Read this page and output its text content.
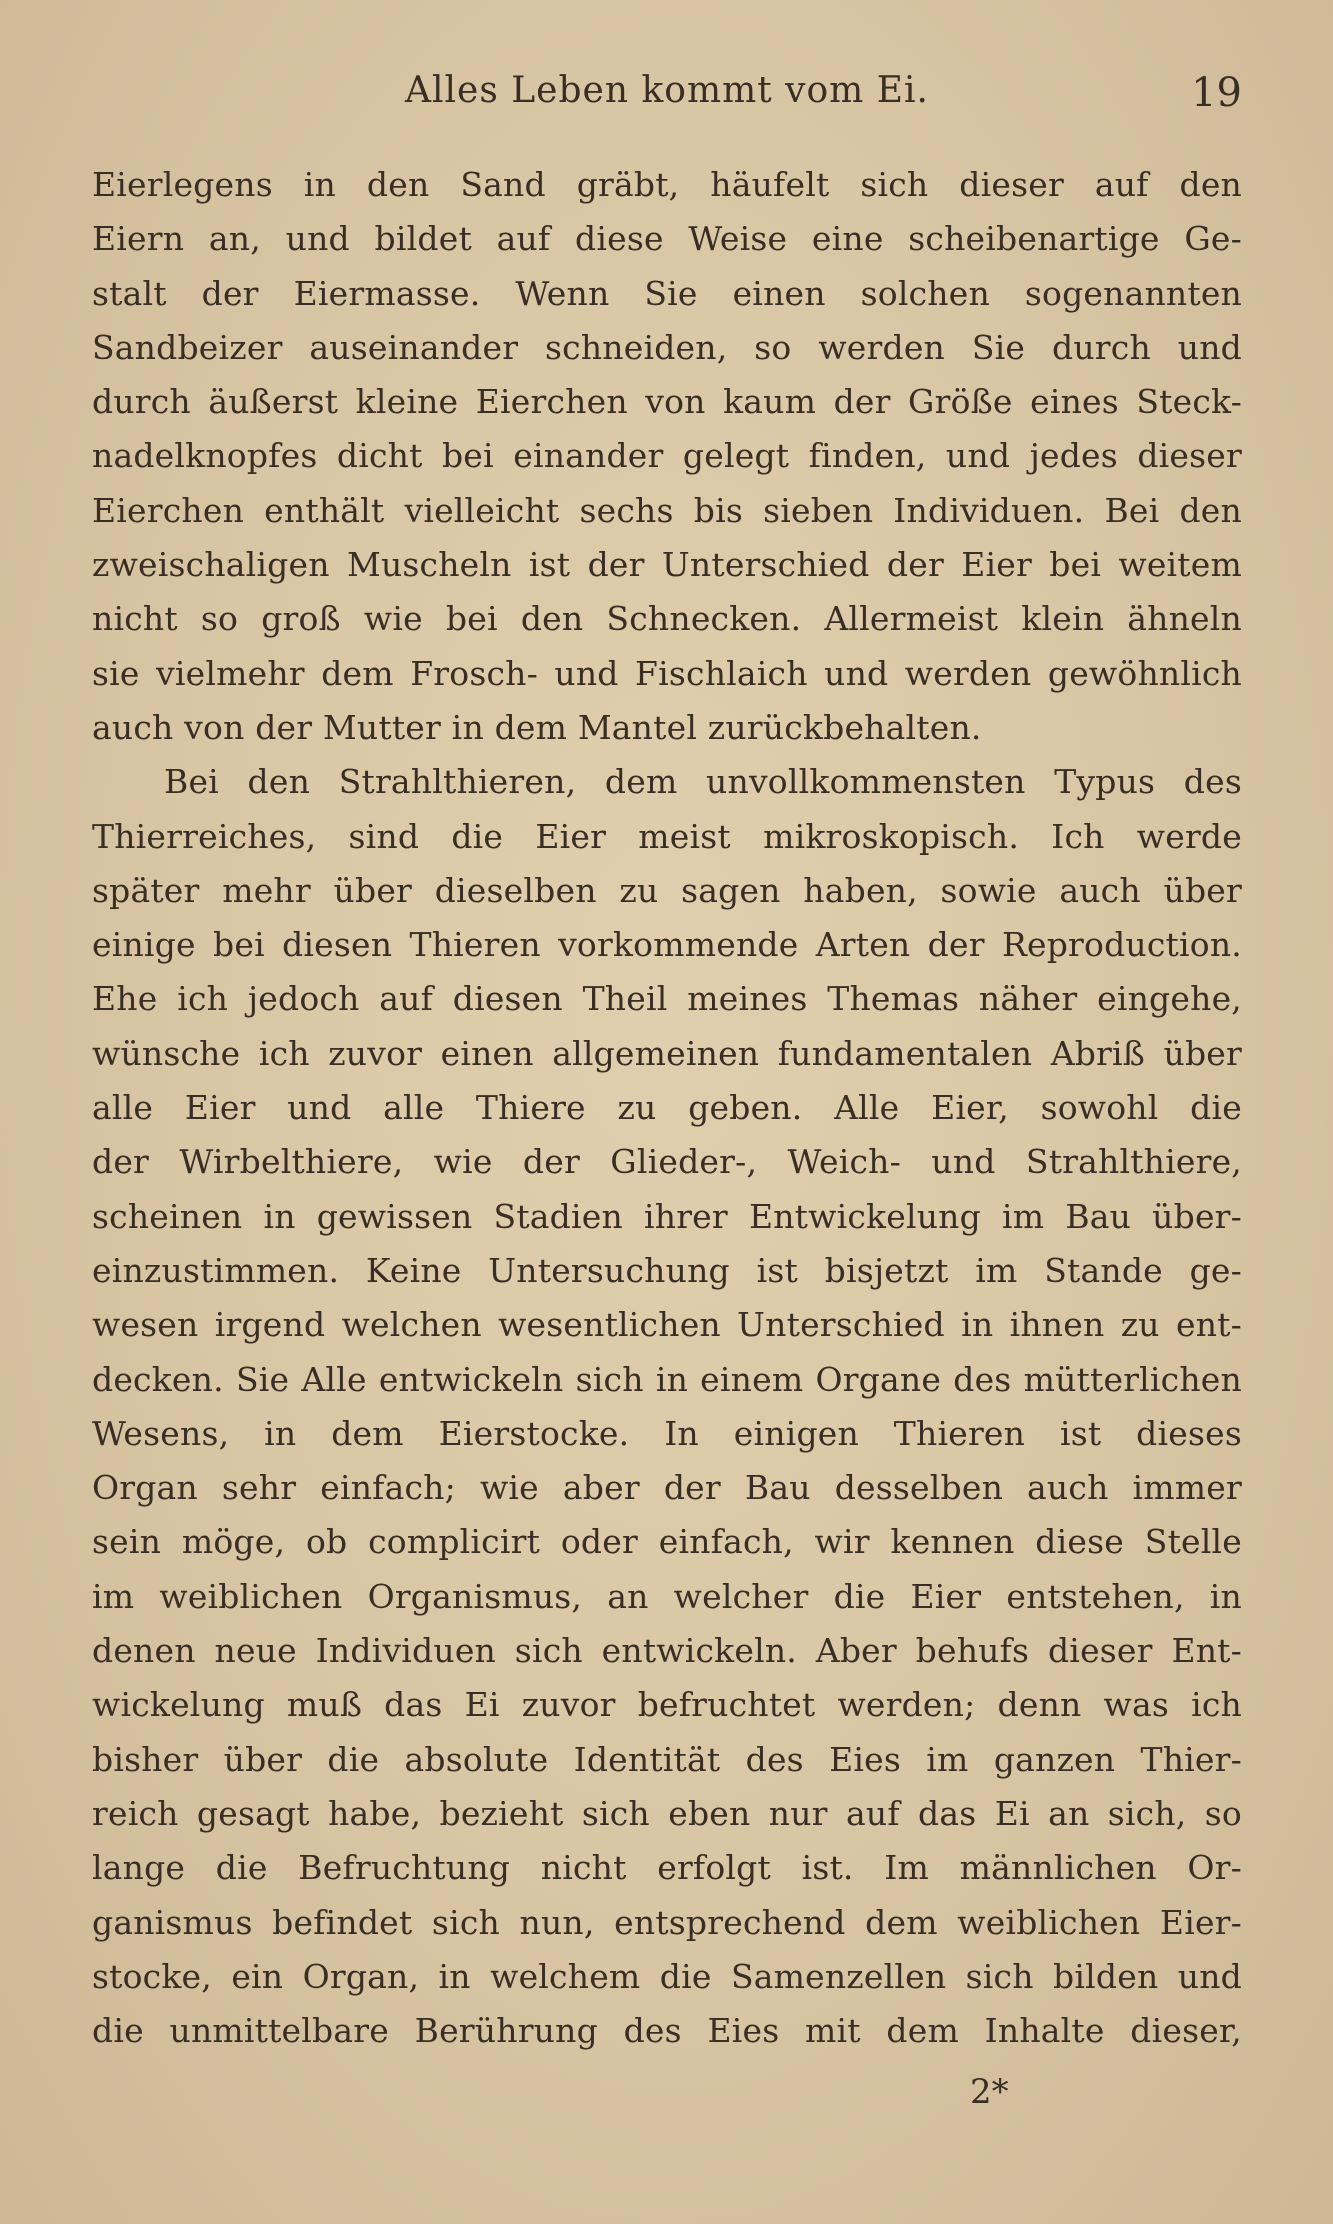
Alles Leben kommt vom Ei.	19
Eierlegens in den Sand gräbt, häufelt sich dieser auf den
Eiern an, und bildet auf diese Weise eine scheibenartige Ge-
stalt der Eiermasse. Wenn Sie einen solchen sogenannten
Sandbeizer auseinander schneiden, so werden Sie durch und
durch äußerst kleine Eierchen von kaum der Größe eines Steck-
nadelknopfes dicht bei einander gelegt finden, und jedes dieser
Eierchen enthält vielleicht sechs bis sieben Individuen. Bei den
zweischaligen Muscheln ist der Unterschied der Eier bei weitem
nicht so groß wie bei den Schnecken. Allermeist klein ähneln
sie vielmehr dem Frosch- und Fischlaich und werden gewöhnlich
auch von der Mutter in dem Mantel zurückbehalten.
Bei den Strahlthieren, dem unvollkommensten Typus des
Thierreiches, sind die Eier meist mikroskopisch. Ich werde
später mehr über dieselben zu sagen haben, sowie auch über
einige bei diesen Thieren vorkommende Arten der Reproduction.
Ehe ich jedoch auf diesen Theil meines Themas näher eingehe,
wünsche ich zuvor einen allgemeinen fundamentalen Abriß über
alle Eier und alle Thiere zu geben. Alle Eier, sowohl die
der Wirbelthiere, wie der Glieder-, Weich- und Strahlthiere,
scheinen in gewissen Stadien ihrer Entwickelung im Bau über-
einzustimmen. Keine Untersuchung ist bisjetzt im Stande ge-
wesen irgend welchen wesentlichen Unterschied in ihnen zu ent-
decken. Sie Alle entwickeln sich in einem Organe des mütterlichen
Wesens, in dem Eierstocke. In einigen Thieren ist dieses
Organ sehr einfach; wie aber der Bau desselben auch immer
sein möge, ob complicirt oder einfach, wir kennen diese Stelle
im weiblichen Organismus, an welcher die Eier entstehen, in
denen neue Individuen sich entwickeln. Aber behufs dieser Ent-
wickelung muß das Ei zuvor befruchtet werden; denn was ich
bisher über die absolute Identität des Eies im ganzen Thier-
reich gesagt habe, bezieht sich eben nur auf das Ei an sich, so
lange die Befruchtung nicht erfolgt ist. Im männlichen Or-
ganismus befindet sich nun, entsprechend dem weiblichen Eier-
stocke, ein Organ, in welchem die Samenzellen sich bilden und
die unmittelbare Berührung des Eies mit dem Inhalte dieser,
2*
